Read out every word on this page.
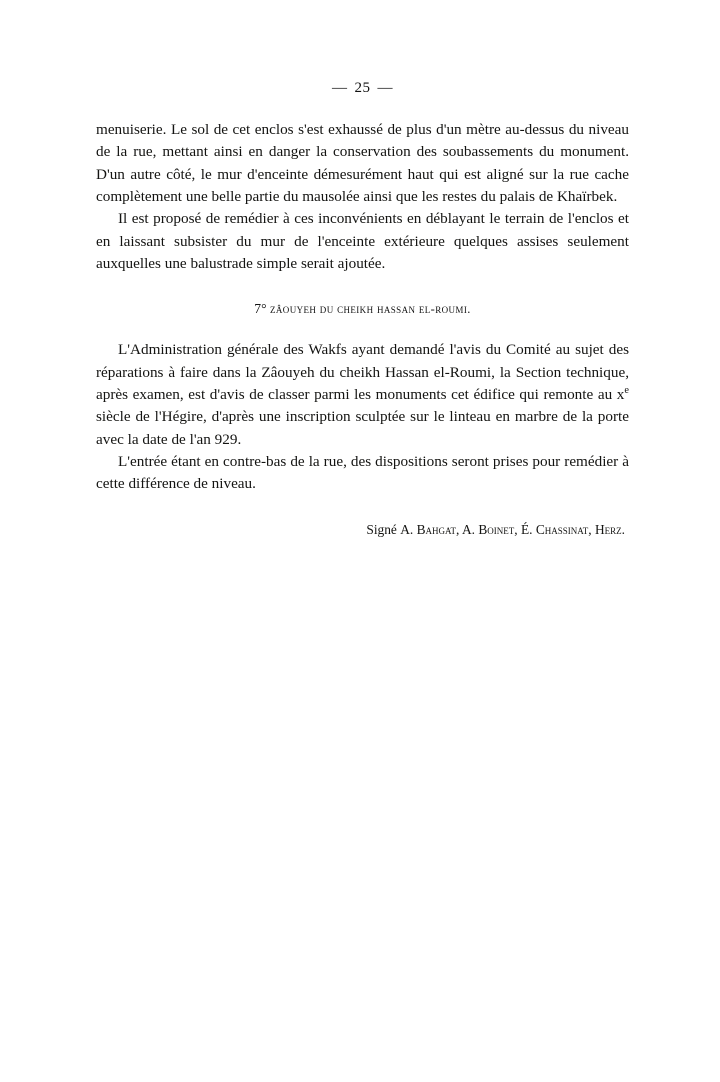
— 25 —

menuiserie. Le sol de cet enclos s'est exhaussé de plus d'un mètre au-dessus du niveau de la rue, mettant ainsi en danger la conservation des soubassements du monument. D'un autre côté, le mur d'enceinte démesurément haut qui est aligné sur la rue cache complètement une belle partie du mausolée ainsi que les restes du palais de Khaïrbek.

Il est proposé de remédier à ces inconvénients en déblayant le terrain de l'enclos et en laissant subsister du mur de l'enceinte extérieure quelques assises seulement auxquelles une balustrade simple serait ajoutée.

7° zâouyeh du cheikh hassan el-roumi.

L'Administration générale des Wakfs ayant demandé l'avis du Comité au sujet des réparations à faire dans la Zâouyeh du cheikh Hassan el-Roumi, la Section technique, après examen, est d'avis de classer parmi les monuments cet édifice qui remonte au $x^e$ siècle de l'Hégire, d'après une inscription sculptée sur le linteau en marbre de la porte avec la date de l'an 929.

L'entrée étant en contre-bas de la rue, des dispositions seront prises pour remédier à cette différence de niveau.

Signé A. Bahgat, A. Boinet, É. Chassinat, Herz.
